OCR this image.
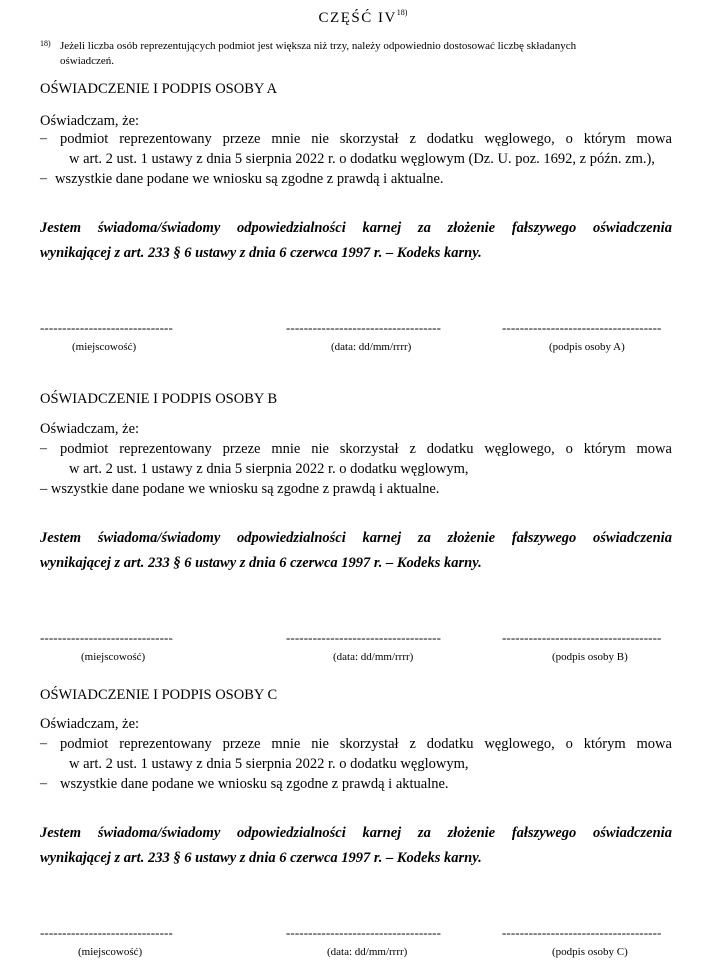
CZĘŚĆ IV$^{18)}$
18) Jeżeli liczba osób reprezentujących podmiot jest większa niż trzy, należy odpowiednio dostosować liczbę składanych
oświadczeń.
OŚWIADCZENIE I PODPIS OSOBY A
Oświadczam, że:
– podmiot reprezentowany przeze mnie nie skorzystał z dodatku węglowego, o którym mowa
w art. 2 ust. 1 ustawy z dnia 5 sierpnia 2022 r. o dodatku węglowym (Dz. U. poz. 1692, z późn. zm.),
– wszystkie dane podane we wniosku są zgodne z prawdą i aktualne.
Jestem świadoma/świadomy odpowiedzialności karnej za złożenie fałszywego oświadczenia
wynikającej z art. 233 § 6 ustawy z dnia 6 czerwca 1997 r. – Kodeks karny.
------------------------------	-----------------------------------	------------------------------------
(miejscowość)	(data: dd/mm/rrrr)	(podpis osoby A)
OŚWIADCZENIE I PODPIS OSOBY B
Oświadczam, że:
– podmiot reprezentowany przeze mnie nie skorzystał z dodatku węglowego, o którym mowa
w art. 2 ust. 1 ustawy z dnia 5 sierpnia 2022 r. o dodatku węglowym,
– wszystkie dane podane we wniosku są zgodne z prawdą i aktualne.
Jestem świadoma/świadomy odpowiedzialności karnej za złożenie fałszywego oświadczenia
wynikającej z art. 233 § 6 ustawy z dnia 6 czerwca 1997 r. – Kodeks karny.
------------------------------	-----------------------------------	------------------------------------
(miejscowość)	(data: dd/mm/rrrr)	(podpis osoby B)
OŚWIADCZENIE I PODPIS OSOBY C
Oświadczam, że:
– podmiot reprezentowany przeze mnie nie skorzystał z dodatku węglowego, o którym mowa
w art. 2 ust. 1 ustawy z dnia 5 sierpnia 2022 r. o dodatku węglowym,
– wszystkie dane podane we wniosku są zgodne z prawdą i aktualne.
Jestem świadoma/świadomy odpowiedzialności karnej za złożenie fałszywego oświadczenia
wynikającej z art. 233 § 6 ustawy z dnia 6 czerwca 1997 r. – Kodeks karny.
------------------------------	-----------------------------------	------------------------------------
(miejscowość)	(data: dd/mm/rrrr)	(podpis osoby C)
